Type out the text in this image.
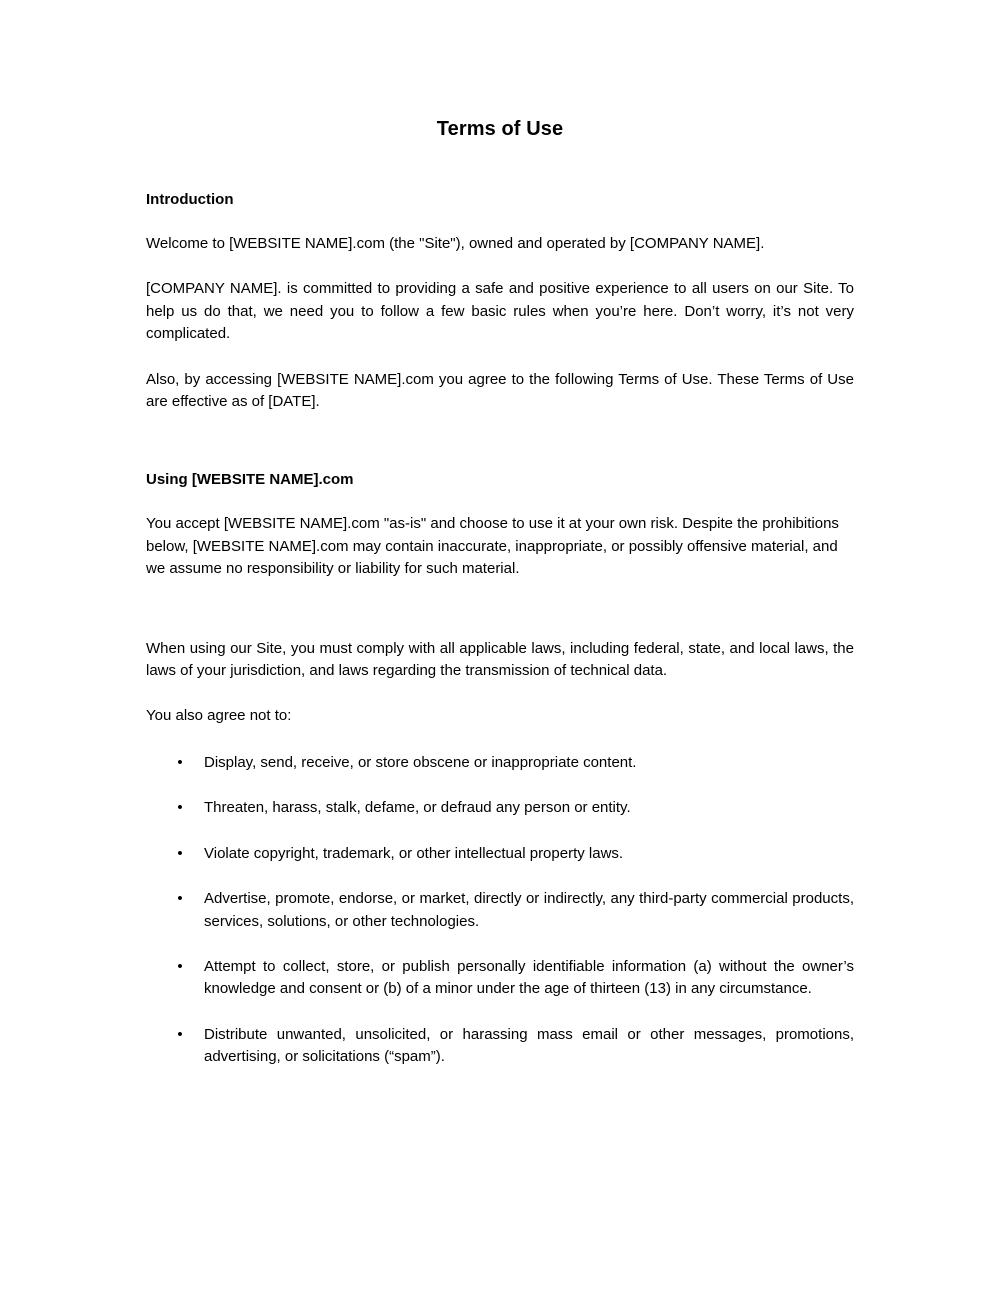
Terms of Use
Introduction

Welcome to [WEBSITE NAME].com (the "Site"), owned and operated by [COMPANY NAME].

[COMPANY NAME]. is committed to providing a safe and positive experience to all users on our Site. To help us do that, we need you to follow a few basic rules when you’re here. Don’t worry, it’s not very complicated.

Also, by accessing [WEBSITE NAME].com you agree to the following Terms of Use. These Terms of Use are effective as of [DATE].

Using [WEBSITE NAME].com

You accept [WEBSITE NAME].com "as-is" and choose to use it at your own risk. Despite the prohibitions below, [WEBSITE NAME].com may contain inaccurate, inappropriate, or possibly offensive material, and we assume no responsibility or liability for such material.

When using our Site, you must comply with all applicable laws, including federal, state, and local laws, the laws of your jurisdiction, and laws regarding the transmission of technical data.

You also agree not to:

• Display, send, receive, or store obscene or inappropriate content.
• Threaten, harass, stalk, defame, or defraud any person or entity.
• Violate copyright, trademark, or other intellectual property laws.
• Advertise, promote, endorse, or market, directly or indirectly, any third-party commercial products, services, solutions, or other technologies.
• Attempt to collect, store, or publish personally identifiable information (a) without the owner’s knowledge and consent or (b) of a minor under the age of thirteen (13) in any circumstance.
• Distribute unwanted, unsolicited, or harassing mass email or other messages, promotions, advertising, or solicitations (“spam”).
